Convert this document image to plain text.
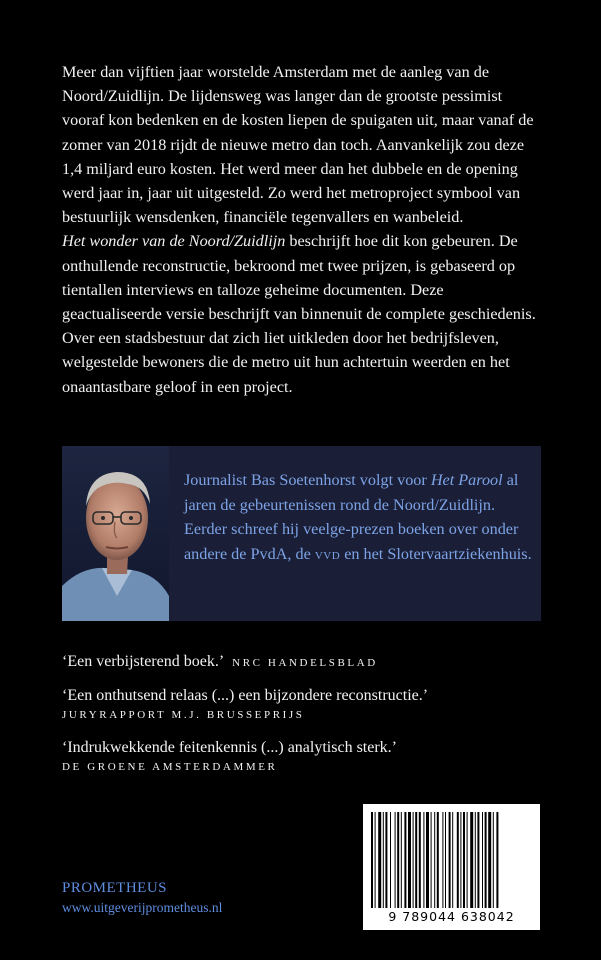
Meer dan vijftien jaar worstelde Amsterdam met de aanleg van de Noord/Zuidlijn. De lijdensweg was langer dan de grootste pessimist vooraf kon bedenken en de kosten liepen de spuigaten uit, maar vanaf de zomer van 2018 rijdt de nieuwe metro dan toch. Aanvankelijk zou deze 1,4 miljard euro kosten. Het werd meer dan het dubbele en de opening werd jaar in, jaar uit uitgesteld. Zo werd het metroproject symbool van bestuurlijk wensdenken, financiële tegenvallers en wanbeleid.

Het wonder van de Noord/Zuidlijn beschrijft hoe dit kon gebeuren. De onthullende reconstructie, bekroond met twee prijzen, is gebaseerd op tientallen interviews en talloze geheime documenten. Deze geactualiseerde versie beschrijft van binnenuit de complete geschiedenis. Over een stadsbestuur dat zich liet uitkleden door het bedrijfsleven, welgestelde bewoners die de metro uit hun achtertuin weerden en het onaantastbare geloof in een project.

Journalist Bas Soetenhorst volgt voor Het Parool al jaren de gebeurtenissen rond de Noord/Zuidlijn. Eerder schreef hij veelge-prezen boeken over onder andere de PvdA, de vvd en het Slotervaartziekenhuis.
‘Een verbijsterend boek.’ NRC HANDELSBLAD
‘Een onthutsend relaas (...) een bijzondere reconstructie.’
JURYRAPPORT M.J. BRUSSEPRIJS
‘Indrukwekkende feitenkennis (...) analytisch sterk.’
DE GROENE AMSTERDAMMER
9 789044 638042
PROMETHEUS
www.uitgeverijprometheus.nl
